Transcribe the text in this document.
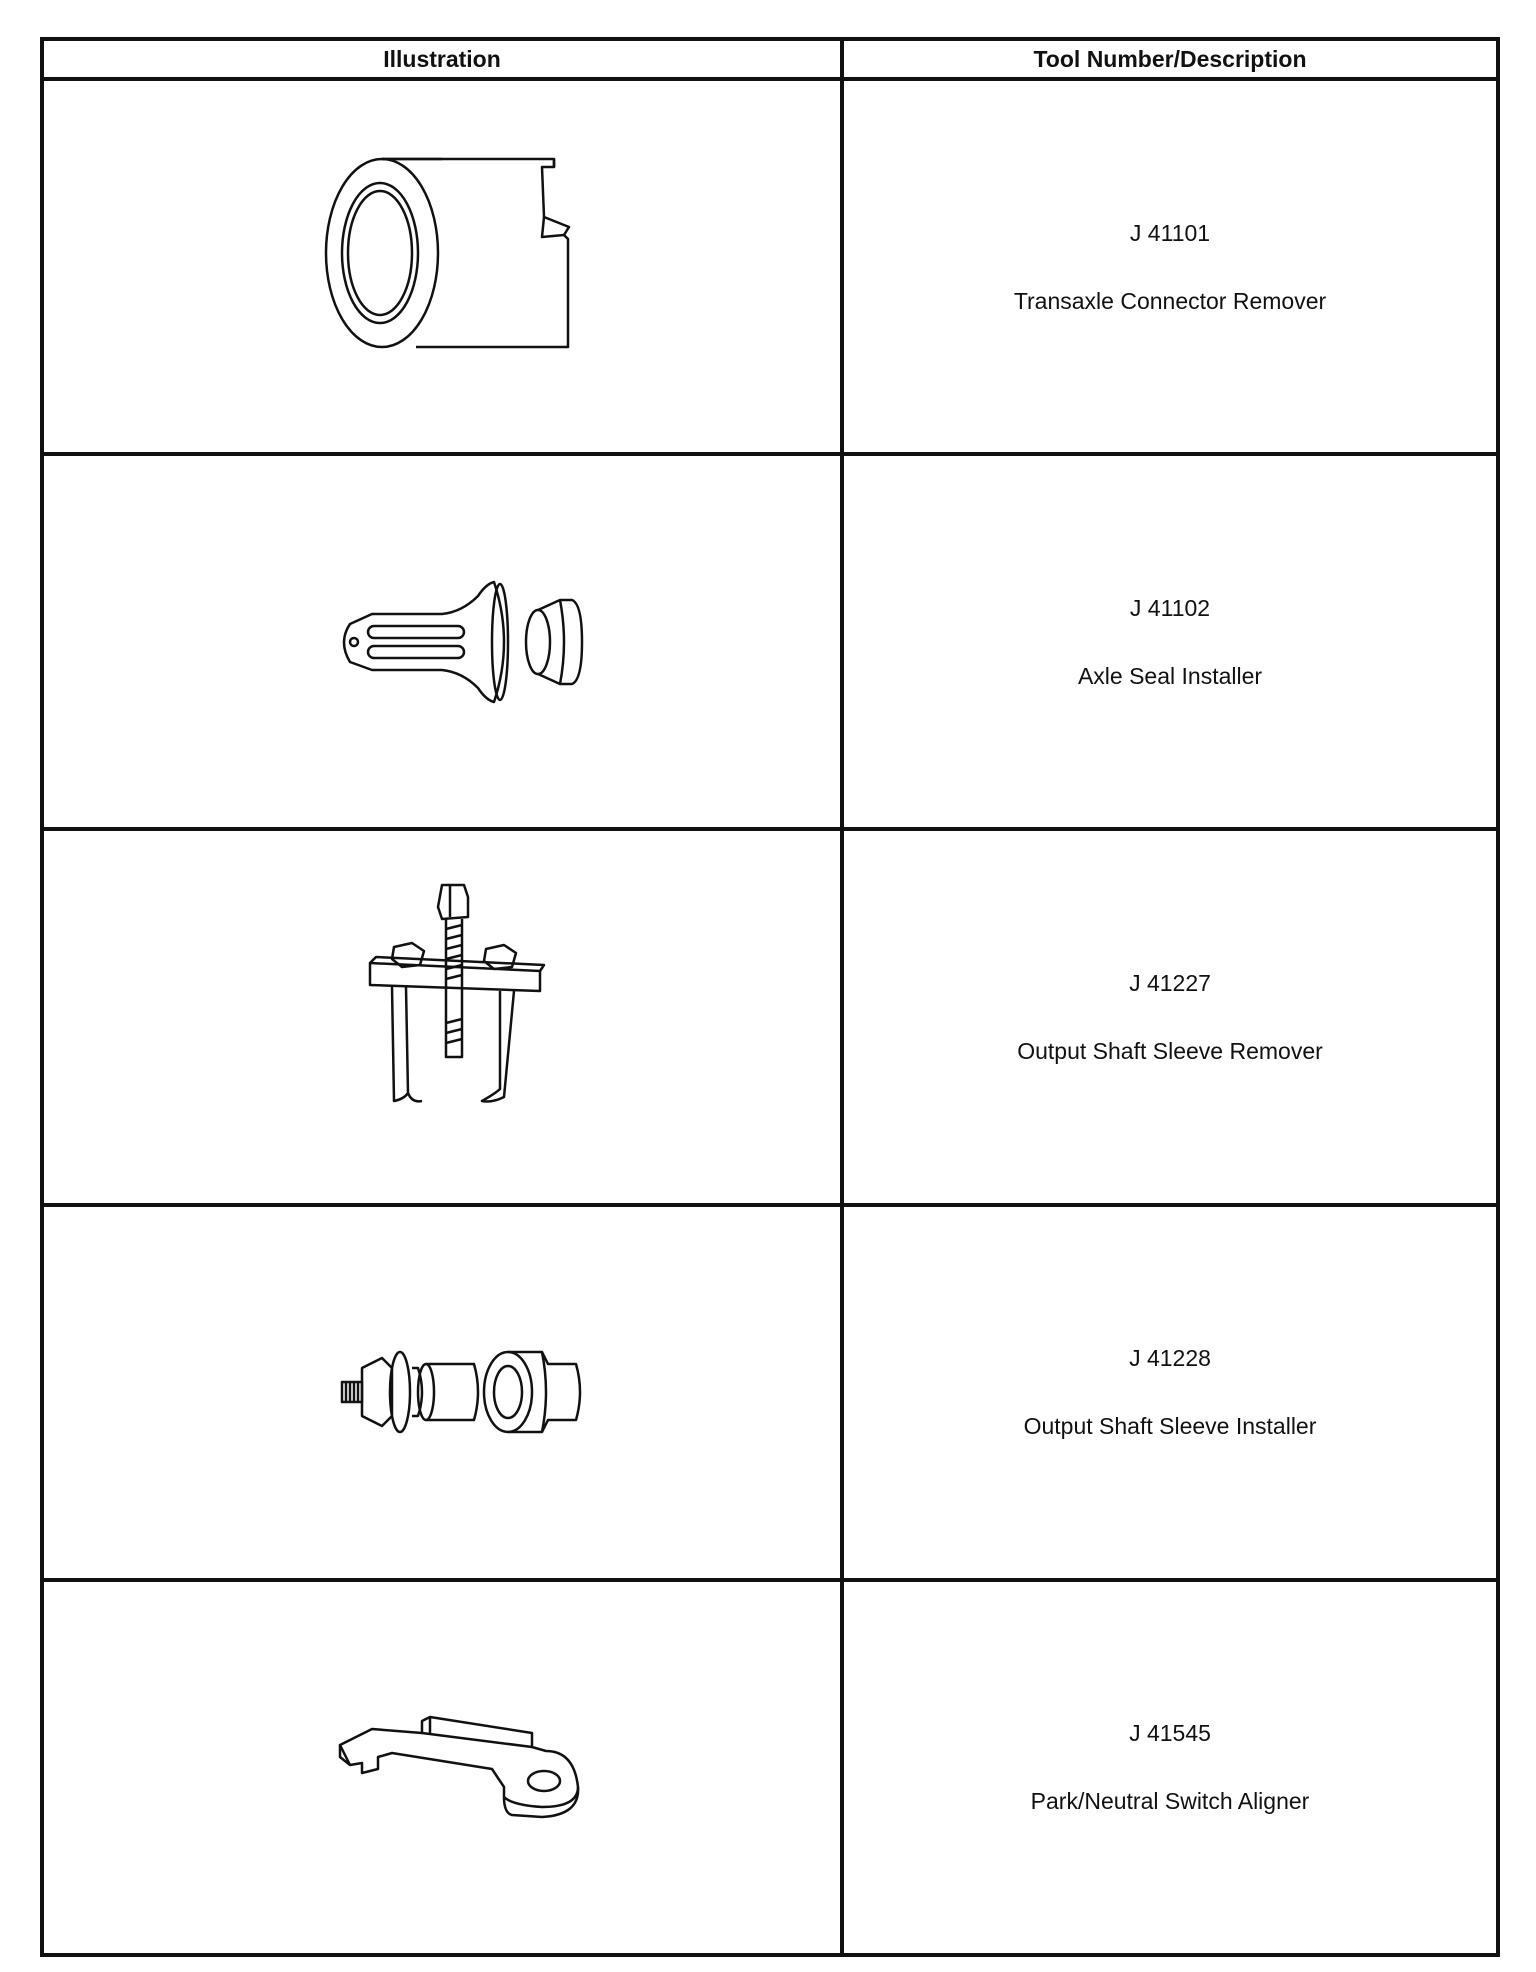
Illustration	Tool Number/Description

J 41101
Transaxle Connector Remover

J 41102
Axle Seal Installer

J 41227
Output Shaft Sleeve Remover

J 41228
Output Shaft Sleeve Installer

J 41545
Park/Neutral Switch Aligner
